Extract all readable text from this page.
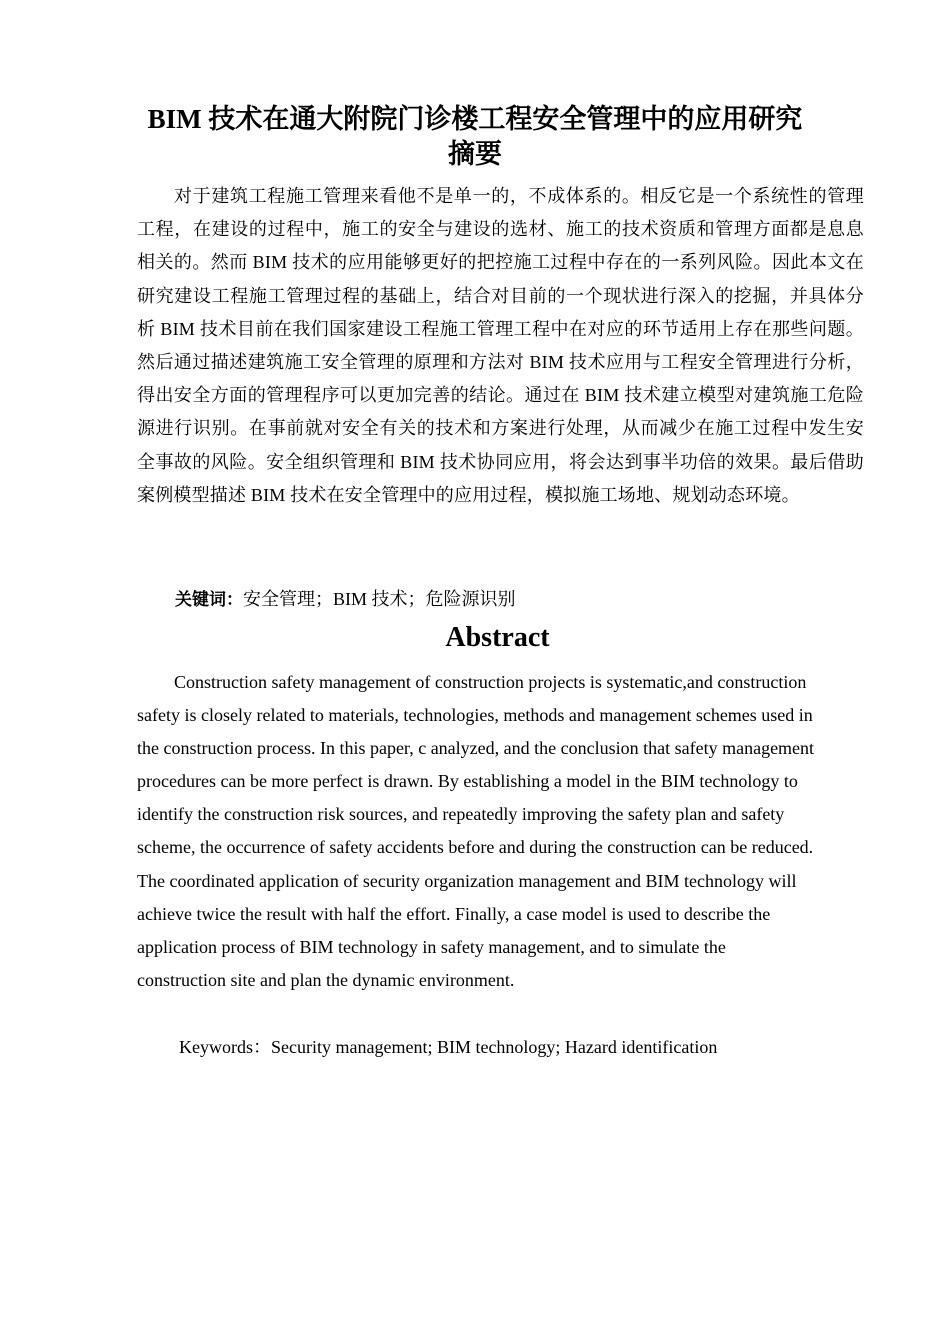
BIM 技术在通大附院门诊楼工程安全管理中的应用研究
摘要

对于建筑工程施工管理来看他不是单一的，不成体系的。相反它是一个系统性的管理工程，在建设的过程中，施工的安全与建设的选材、施工的技术资质和管理方面都是息息相关的。然而 BIM 技术的应用能够更好的把控施工过程中存在的一系列风险。因此本文在研究建设工程施工管理过程的基础上，结合对目前的一个现状进行深入的挖掘，并具体分析 BIM 技术目前在我们国家建设工程施工管理工程中在对应的环节适用上存在那些问题。然后通过描述建筑施工安全管理的原理和方法对 BIM 技术应用与工程安全管理进行分析，得出安全方面的管理程序可以更加完善的结论。通过在 BIM 技术建立模型对建筑施工危险源进行识别。在事前就对安全有关的技术和方案进行处理，从而减少在施工过程中发生安全事故的风险。安全组织管理和 BIM 技术协同应用，将会达到事半功倍的效果。最后借助案例模型描述 BIM 技术在安全管理中的应用过程，模拟施工场地、规划动态环境。

关键词：安全管理；BIM 技术；危险源识别

Abstract

Construction safety management of construction projects is systematic,and construction
safety is closely related to materials, technologies, methods and management schemes used in
the construction process. In this paper, c analyzed, and the conclusion that safety management
procedures can be more perfect is drawn. By establishing a model in the BIM technology to
identify the construction risk sources, and repeatedly improving the safety plan and safety
scheme, the occurrence of safety accidents before and during the construction can be reduced.
The coordinated application of security organization management and BIM technology will
achieve twice the result with half the effort. Finally, a case model is used to describe the
application process of BIM technology in safety management, and to simulate the
construction site and plan the dynamic environment.

Keywords：Security management; BIM technology; Hazard identification
